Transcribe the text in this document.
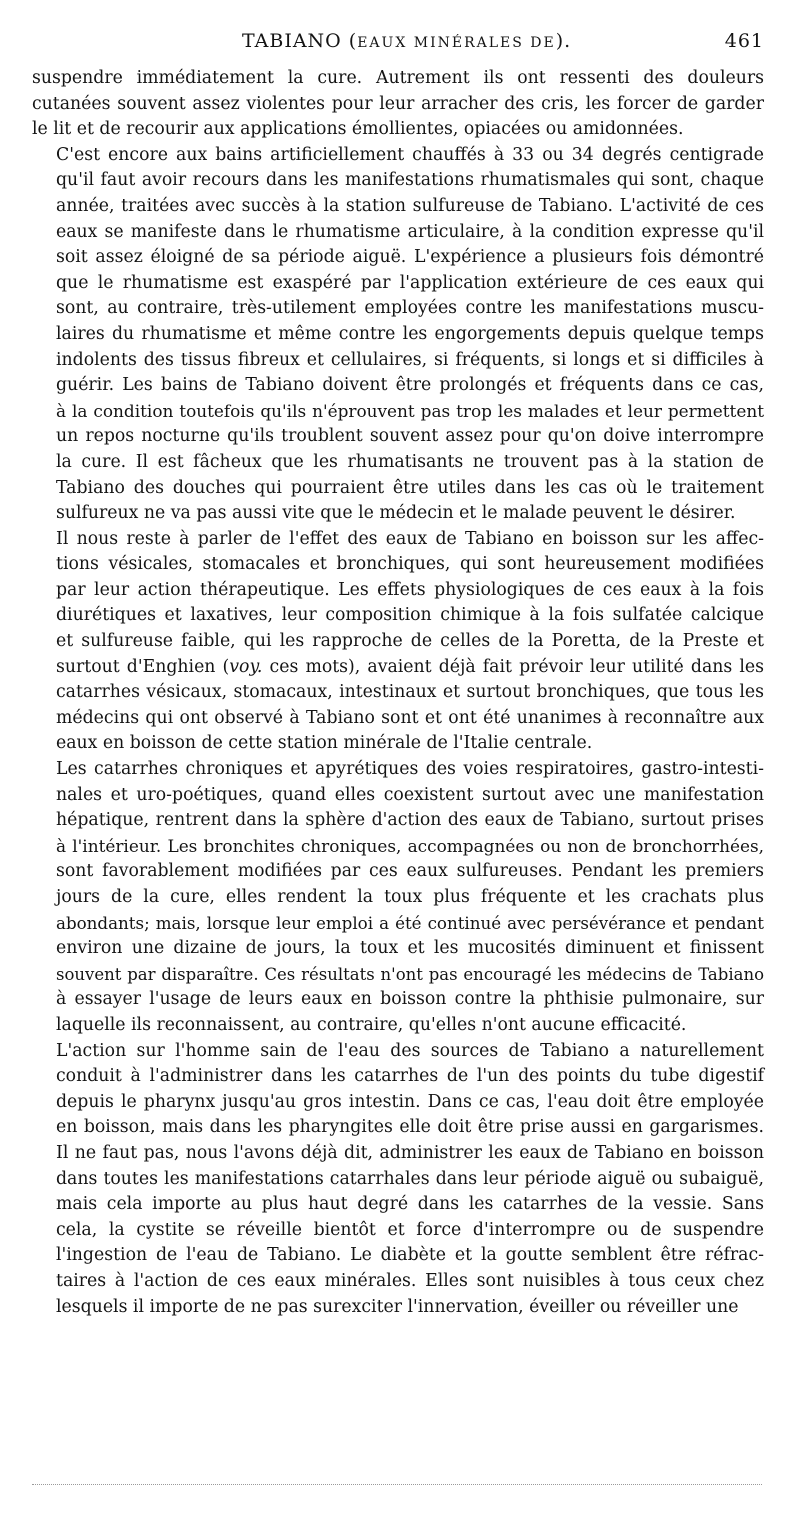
TABIANO (EAUX MINÉRALES DE).	461
suspendre immédiatement la cure. Autrement ils ont ressenti des douleurs
cutanées souvent assez violentes pour leur arracher des cris, les forcer de garder
le lit et de recourir aux applications émollientes, opiacées ou amidonnées.
C'est encore aux bains artificiellement chauffés à 33 ou 34 degrés centigrade
qu'il faut avoir recours dans les manifestations rhumatismales qui sont, chaque
année, traitées avec succès à la station sulfureuse de Tabiano. L'activité de ces
eaux se manifeste dans le rhumatisme articulaire, à la condition expresse qu'il
soit assez éloigné de sa période aiguë. L'expérience a plusieurs fois démontré
que le rhumatisme est exaspéré par l'application extérieure de ces eaux qui
sont, au contraire, très-utilement employées contre les manifestations muscu-
laires du rhumatisme et même contre les engorgements depuis quelque temps
indolents des tissus fibreux et cellulaires, si fréquents, si longs et si difficiles à
guérir. Les bains de Tabiano doivent être prolongés et fréquents dans ce cas,
à la condition toutefois qu'ils n'éprouvent pas trop les malades et leur permettent
un repos nocturne qu'ils troublent souvent assez pour qu'on doive interrompre
la cure. Il est fâcheux que les rhumatisants ne trouvent pas à la station de
Tabiano des douches qui pourraient être utiles dans les cas où le traitement
sulfureux ne va pas aussi vite que le médecin et le malade peuvent le désirer.
Il nous reste à parler de l'effet des eaux de Tabiano en boisson sur les affec-
tions vésicales, stomacales et bronchiques, qui sont heureusement modifiées
par leur action thérapeutique. Les effets physiologiques de ces eaux à la fois
diurétiques et laxatives, leur composition chimique à la fois sulfatée calcique
et sulfureuse faible, qui les rapproche de celles de la Poretta, de la Preste et
surtout d'Enghien (voy. ces mots), avaient déjà fait prévoir leur utilité dans les
catarrhes vésicaux, stomacaux, intestinaux et surtout bronchiques, que tous les
médecins qui ont observé à Tabiano sont et ont été unanimes à reconnaître aux
eaux en boisson de cette station minérale de l'Italie centrale.
Les catarrhes chroniques et apyrétiques des voies respiratoires, gastro-intesti-
nales et uro-poétiques, quand elles coexistent surtout avec une manifestation
hépatique, rentrent dans la sphère d'action des eaux de Tabiano, surtout prises
à l'intérieur. Les bronchites chroniques, accompagnées ou non de bronchorrhées,
sont favorablement modifiées par ces eaux sulfureuses. Pendant les premiers
jours de la cure, elles rendent la toux plus fréquente et les crachats plus
abondants; mais, lorsque leur emploi a été continué avec persévérance et pendant
environ une dizaine de jours, la toux et les mucosités diminuent et finissent
souvent par disparaître. Ces résultats n'ont pas encouragé les médecins de Tabiano
à essayer l'usage de leurs eaux en boisson contre la phthisie pulmonaire, sur
laquelle ils reconnaissent, au contraire, qu'elles n'ont aucune efficacité.
L'action sur l'homme sain de l'eau des sources de Tabiano a naturellement
conduit à l'administrer dans les catarrhes de l'un des points du tube digestif
depuis le pharynx jusqu'au gros intestin. Dans ce cas, l'eau doit être employée
en boisson, mais dans les pharyngites elle doit être prise aussi en gargarismes.
Il ne faut pas, nous l'avons déjà dit, administrer les eaux de Tabiano en boisson
dans toutes les manifestations catarrhales dans leur période aiguë ou subaiguë,
mais cela importe au plus haut degré dans les catarrhes de la vessie. Sans
cela, la cystite se réveille bientôt et force d'interrompre ou de suspendre
l'ingestion de l'eau de Tabiano. Le diabète et la goutte semblent être réfrac-
taires à l'action de ces eaux minérales. Elles sont nuisibles à tous ceux chez
lesquels il importe de ne pas surexciter l'innervation, éveiller ou réveiller une
